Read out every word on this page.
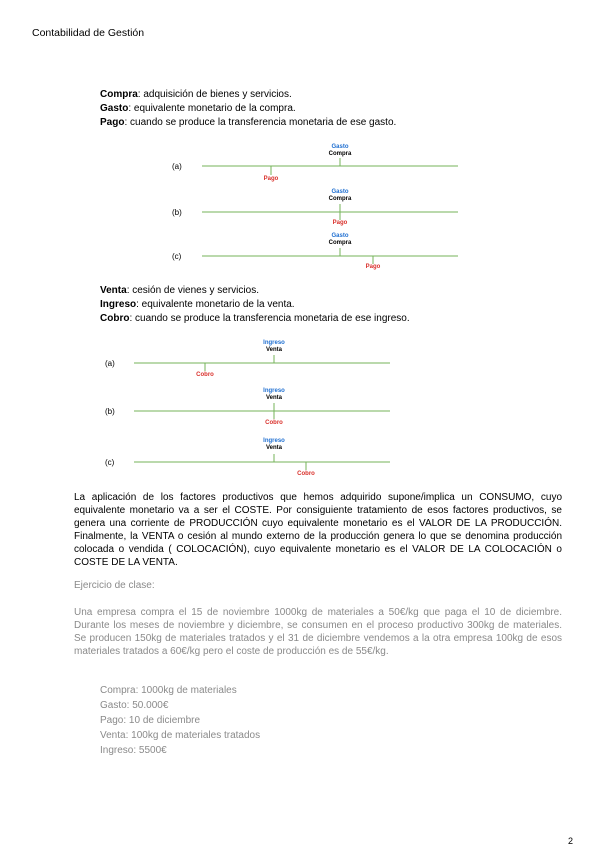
Contabilidad de Gestión
Compra: adquisición de bienes y servicios.
Gasto: equivalente monetario de la compra.
Pago: cuando se produce la transferencia monetaria de ese gasto.
(a)
Gasto
Compra
Pago
(b)
Gasto
Compra
Pago
(c)
Gasto
Compra
Pago
Venta: cesión de vienes y servicios.
Ingreso: equivalente monetario de la venta.
Cobro: cuando se produce la transferencia monetaria de ese ingreso.
(a)
Ingreso
Venta
Cobro
(b)
Ingreso
Venta
Cobro
(c)
Ingreso
Venta
Cobro
La aplicación de los factores productivos que hemos adquirido supone/implica un CONSUMO, cuyo equivalente monetario va a ser el COSTE. Por consiguiente tratamiento de esos factores productivos, se genera una corriente de PRODUCCIÓN cuyo equivalente monetario es el VALOR DE LA PRODUCCIÓN. Finalmente, la VENTA o cesión al mundo externo de la producción genera lo que se denomina producción colocada o vendida ( COLOCACIÓN), cuyo equivalente monetario es el VALOR DE LA COLOCACIÓN o COSTE DE LA VENTA.
Ejercicio de clase:
Una empresa compra el 15 de noviembre 1000kg de materiales a 50€/kg que paga el 10 de diciembre. Durante los meses de noviembre y diciembre, se consumen en el proceso productivo 300kg de materiales. Se producen 150kg de materiales tratados y el 31 de diciembre vendemos a la otra empresa 100kg de esos materiales tratados a 60€/kg pero el coste de producción es de 55€/kg.
Compra: 1000kg de materiales
Gasto: 50.000€
Pago: 10 de diciembre
Venta: 100kg de materiales tratados
Ingreso: 5500€
2
